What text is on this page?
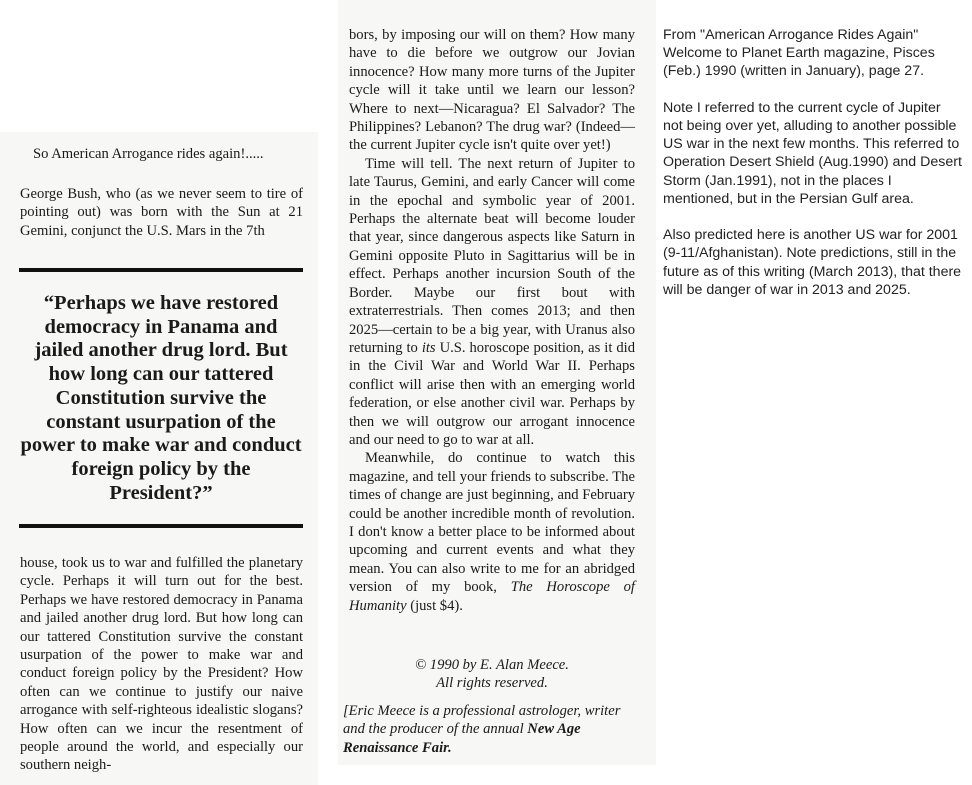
So American Arrogance rides again!.....

George Bush, who (as we never seem to tire of pointing out) was born with the Sun at 21 Gemini, conjunct the U.S. Mars in the 7th

“Perhaps we have restored democracy in Panama and jailed another drug lord. But how long can our tattered Constitution survive the constant usurpation of the power to make war and conduct foreign policy by the President?”

house, took us to war and fulfilled the planetary cycle. Perhaps it will turn out for the best. Perhaps we have restored democracy in Panama and jailed another drug lord. But how long can our tattered Constitution survive the constant usurpation of the power to make war and conduct foreign policy by the President? How often can we continue to justify our naive arrogance with self-righteous idealistic slogans? How often can we incur the resentment of people around the world, and especially our southern neigh-

bors, by imposing our will on them? How many have to die before we outgrow our Jovian innocence? How many more turns of the Jupiter cycle will it take until we learn our lesson? Where to next—Nicaragua? El Salvador? The Philippines? Lebanon? The drug war? (Indeed—the current Jupiter cycle isn't quite over yet!)

Time will tell. The next return of Jupiter to late Taurus, Gemini, and early Cancer will come in the epochal and symbolic year of 2001. Perhaps the alternate beat will become louder that year, since dangerous aspects like Saturn in Gemini opposite Pluto in Sagittarius will be in effect. Perhaps another incursion South of the Border. Maybe our first bout with extraterrestrials. Then comes 2013; and then 2025—certain to be a big year, with Uranus also returning to its U.S. horoscope position, as it did in the Civil War and World War II. Perhaps conflict will arise then with an emerging world federation, or else another civil war. Perhaps by then we will outgrow our arrogant innocence and our need to go to war at all.

Meanwhile, do continue to watch this magazine, and tell your friends to subscribe. The times of change are just beginning, and February could be another incredible month of revolution. I don't know a better place to be informed about upcoming and current events and what they mean. You can also write to me for an abridged version of my book, The Horoscope of Humanity (just $4).

© 1990 by E. Alan Meece.
All rights reserved.

[Eric Meece is a professional astrologer, writer and the producer of the annual New Age Renaissance Fair.

From "American Arrogance Rides Again" Welcome to Planet Earth magazine, Pisces (Feb.) 1990 (written in January), page 27.

Note I referred to the current cycle of Jupiter not being over yet, alluding to another possible US war in the next few months. This referred to Operation Desert Shield (Aug.1990) and Desert Storm (Jan.1991), not in the places I mentioned, but in the Persian Gulf area.

Also predicted here is another US war for 2001 (9-11/Afghanistan). Note predictions, still in the future as of this writing (March 2013), that there will be danger of war in 2013 and 2025.
